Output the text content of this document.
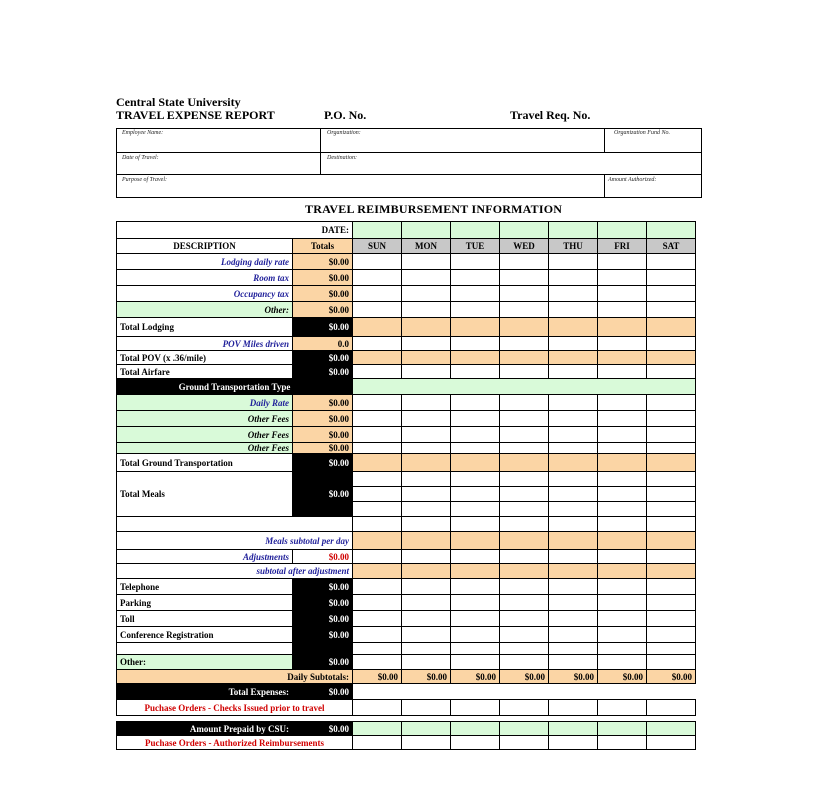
Central State University
TRAVEL EXPENSE REPORT	P.O. No.	Travel Req. No.
Employee Name:	Organization:	Organization Fund No.
Date of Travel:	Destination:
Purpose of Travel:	Amount Authorized:
TRAVEL REIMBURSEMENT INFORMATION
	DATE:							
DESCRIPTION	Totals	SUN	MON	TUE	WED	THU	FRI	SAT
Lodging daily rate	$0.00							
Room tax	$0.00							
Occupancy tax	$0.00							
Other:	$0.00							
Total Lodging	$0.00							
POV Miles driven	0.0							
Total POV (x .36/mile)	$0.00							
Total Airfare	$0.00							
Ground Transportation Type								
Daily Rate	$0.00							
Other Fees	$0.00							
Other Fees	$0.00							
Other Fees	$0.00							
Total Ground Transportation	$0.00							
Total Meals	$0.00							

Meals subtotal per day								
Adjustments	$0.00							
subtotal after adjustment								
Telephone	$0.00							
Parking	$0.00							
Toll	$0.00							
Conference Registration	$0.00							

Other:	$0.00							
Daily Subtotals:		$0.00	$0.00	$0.00	$0.00	$0.00	$0.00	$0.00
Total Expenses:	$0.00							
Puchase Orders - Checks Issued prior to travel								

Amount Prepaid by CSU:	$0.00							
Puchase Orders - Authorized Reimbursements								
